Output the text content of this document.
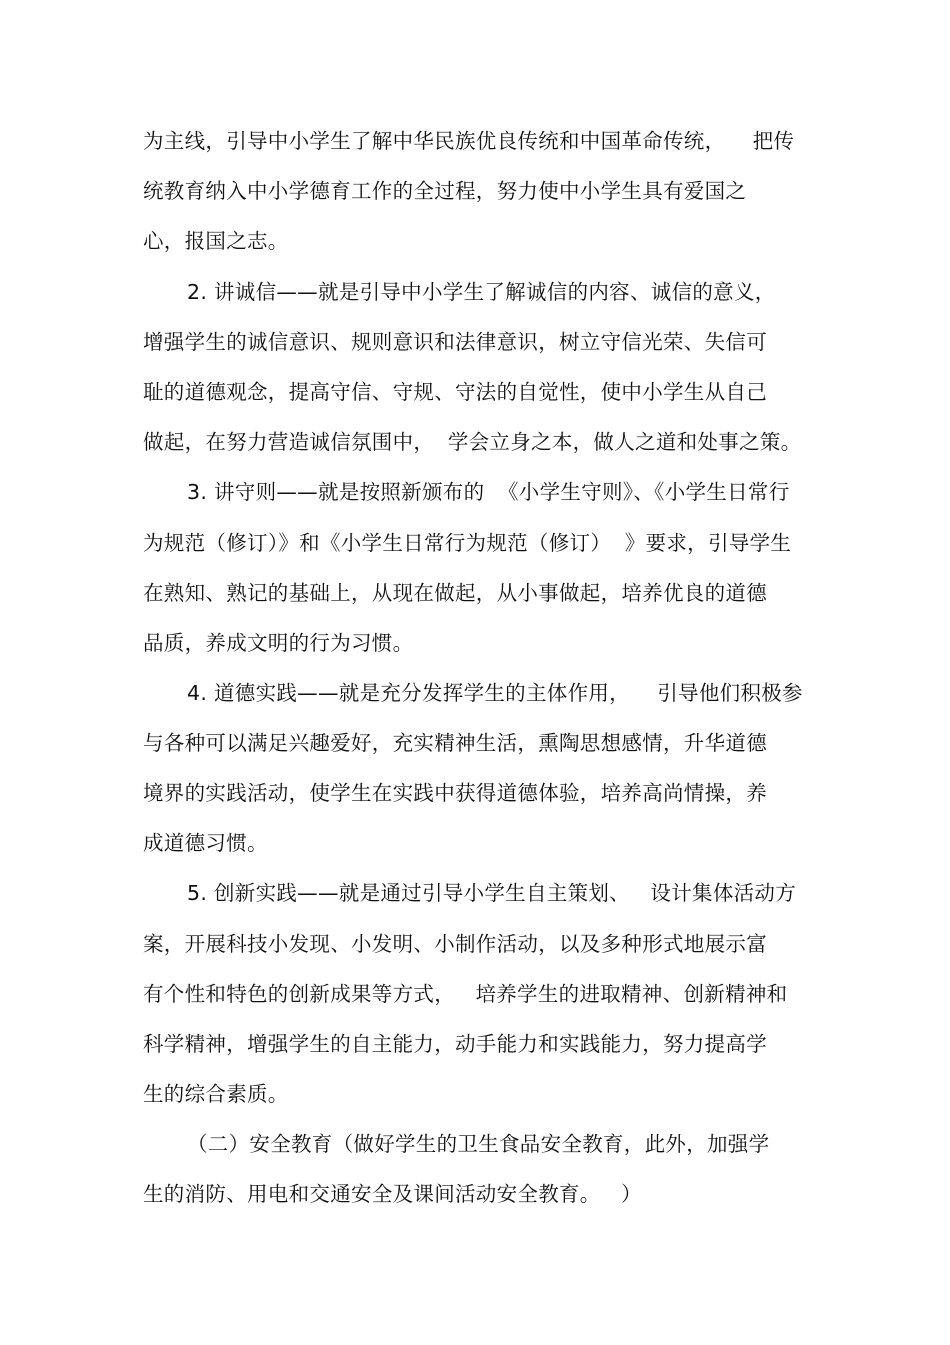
为主线，引导中小学生了解中华民族优良传统和中国革命传统，    把传
统教育纳入中小学德育工作的全过程，努力使中小学生具有爱国之
心，报国之志。
2. 讲诚信——就是引导中小学生了解诚信的内容、诚信的意义，
增强学生的诚信意识、规则意识和法律意识，树立守信光荣、失信可
耻的道德观念，提高守信、守规、守法的自觉性，使中小学生从自己
做起，在努力营造诚信氛围中，  学会立身之本，做人之道和处事之策。
3. 讲守则——就是按照新颁布的  《小学生守则》、《小学生日常行
为规范（修订）》和《小学生日常行为规范（修订）  》要求，引导学生
在熟知、熟记的基础上，从现在做起，从小事做起，培养优良的道德
品质，养成文明的行为习惯。
4. 道德实践——就是充分发挥学生的主体作用，    引导他们积极参
与各种可以满足兴趣爱好，充实精神生活，熏陶思想感情，升华道德
境界的实践活动，使学生在实践中获得道德体验，培养高尚情操，养
成道德习惯。
5. 创新实践——就是通过引导小学生自主策划、   设计集体活动方
案，开展科技小发现、小发明、小制作活动，以及多种形式地展示富
有个性和特色的创新成果等方式，   培养学生的进取精神、创新精神和
科学精神，增强学生的自主能力，动手能力和实践能力，努力提高学
生的综合素质。
（二）安全教育（做好学生的卫生食品安全教育，此外，加强学
生的消防、用电和交通安全及课间活动安全教育。   ）
